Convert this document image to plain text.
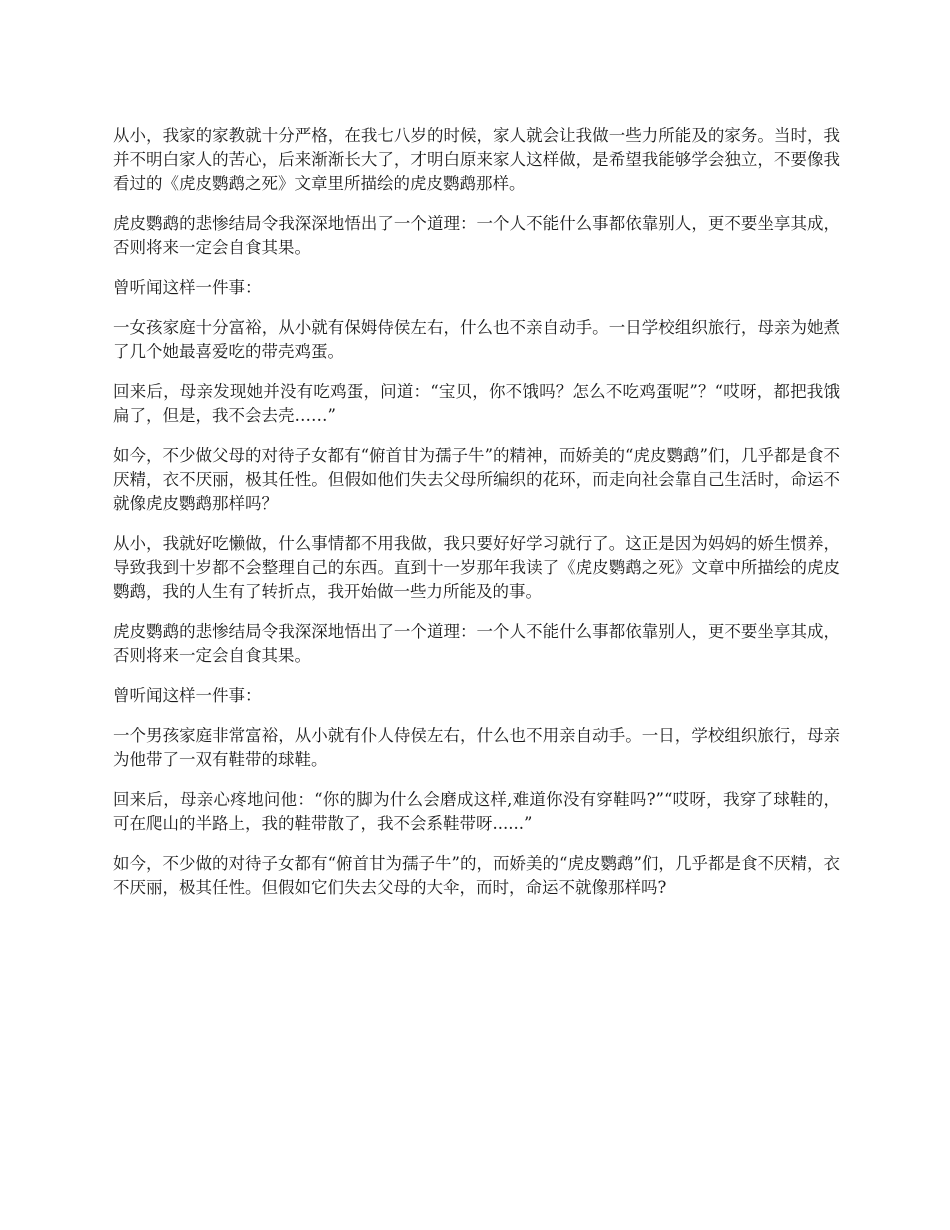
从小，我家的家教就十分严格，在我七八岁的时候，家人就会让我做一些力所能及的家务。当时，我并不明白家人的苦心，后来渐渐长大了，才明白原来家人这样做，是希望我能够学会独立，不要像我看过的《虎皮鹦鹉之死》文章里所描绘的虎皮鹦鹉那样。

虎皮鹦鹉的悲惨结局令我深深地悟出了一个道理：一个人不能什么事都依靠别人，更不要坐享其成，否则将来一定会自食其果。

曾听闻这样一件事：

一女孩家庭十分富裕，从小就有保姆侍侯左右，什么也不亲自动手。一日学校组织旅行，母亲为她煮了几个她最喜爱吃的带壳鸡蛋。

回来后，母亲发现她并没有吃鸡蛋，问道：“宝贝，你不饿吗？怎么不吃鸡蛋呢”？“哎呀，都把我饿扁了，但是，我不会去壳……”

如今，不少做父母的对待子女都有“俯首甘为孺子牛”的精神，而娇美的“虎皮鹦鹉”们，几乎都是食不厌精，衣不厌丽，极其任性。但假如他们失去父母所编织的花环，而走向社会靠自己生活时，命运不就像虎皮鹦鹉那样吗？

从小，我就好吃懒做，什么事情都不用我做，我只要好好学习就行了。这正是因为妈妈的娇生惯养，导致我到十岁都不会整理自己的东西。直到十一岁那年我读了《虎皮鹦鹉之死》文章中所描绘的虎皮鹦鹉，我的人生有了转折点，我开始做一些力所能及的事。

虎皮鹦鹉的悲惨结局令我深深地悟出了一个道理：一个人不能什么事都依靠别人，更不要坐享其成，否则将来一定会自食其果。

曾听闻这样一件事：

一个男孩家庭非常富裕，从小就有仆人侍侯左右，什么也不用亲自动手。一日，学校组织旅行，母亲为他带了一双有鞋带的球鞋。

回来后，母亲心疼地问他：“你的脚为什么会磨成这样,难道你没有穿鞋吗?”“哎呀，我穿了球鞋的，可在爬山的半路上，我的鞋带散了，我不会系鞋带呀......”

如今，不少做的对待子女都有“俯首甘为孺子牛”的，而娇美的“虎皮鹦鹉”们，几乎都是食不厌精，衣不厌丽，极其任性。但假如它们失去父母的大伞，而时，命运不就像那样吗?
